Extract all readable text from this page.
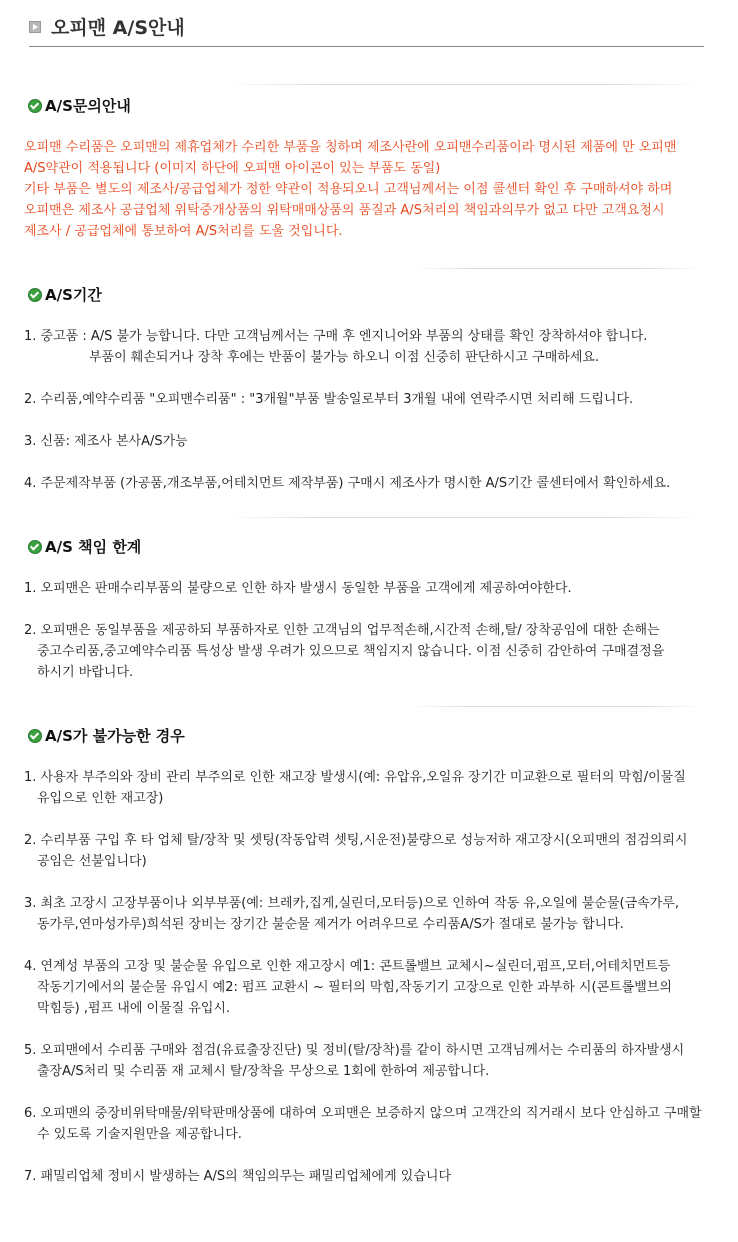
오피맨 A/S안내
A/S문의안내
오피맨 수리품은 오피맨의 제휴업체가 수리한 부품을 칭하며 제조사란에 오피맨수리품이라 명시된 제품에 만 오피맨
A/S약관이 적용됩니다 (이미지 하단에 오피맨 아이콘이 있는 부품도 동일)
기타 부품은 별도의 제조사/공급업체가 정한 약관이 적용되오니 고객님께서는 이점 콜센터 확인 후 구매하셔야 하며
오피맨은 제조사 공급업체 위탁중개상품의 위탁매매상품의 품질과 A/S처리의 책임과의무가 없고 다만 고객요청시
제조사 / 공급업체에 통보하여 A/S처리를 도울 것입니다.
A/S기간
1. 중고품 : A/S 불가 능합니다. 다만 고객님께서는 구매 후 엔지니어와 부품의 상태를 확인 장착하셔야 합니다.
부품이 훼손되거나 장착 후에는 반품이 불가능 하오니 이점 신중히 판단하시고 구매하세요.
2. 수리품,예약수리품 "오피맨수리품" : "3개월"부품 발송일로부터 3개월 내에 연락주시면 처리해 드립니다.
3. 신품: 제조사 본사A/S가능
4. 주문제작부품 (가공품,개조부품,어테치먼트 제작부품) 구매시 제조사가 명시한 A/S기간 콜센터에서 확인하세요.
A/S 책임 한계
1. 오피맨은 판매수리부품의 불량으로 인한 하자 발생시 동일한 부품을 고객에게 제공하여야한다.
2. 오피맨은 동일부품을 제공하되 부품하자로 인한 고객님의 업무적손해,시간적 손해,탈/ 장착공임에 대한 손해는
중고수리품,중고예약수리품 특성상 발생 우려가 있으므로 책임지지 않습니다. 이점 신중히 감안하여 구매결정을
하시기 바랍니다.
A/S가 불가능한 경우
1. 사용자 부주의와 장비 관리 부주의로 인한 재고장 발생시(예: 유압유,오일유 장기간 미교환으로 필터의 막힘/이물질
유입으로 인한 재고장)
2. 수리부품 구입 후 타 업체 탈/장착 및 셋팅(작동압력 셋팅,시운전)불량으로 성능저하 재고장시(오피맨의 점검의뢰시
공임은 선불입니다)
3. 최초 고장시 고장부품이나 외부부품(예: 브레카,집게,실린더,모터등)으로 인하여 작동 유,오일에 불순물(금속가루,
동가루,연마성가루)희석된 장비는 장기간 불순물 제거가 어려우므로 수리품A/S가 절대로 불가능 합니다.
4. 연계성 부품의 고장 및 불순물 유입으로 인한 재고장시 예1: 콘트롤밸브 교체시~실린더,펌프,모터,어테치먼트등
작동기기에서의 불순물 유입시 예2: 펌프 교환시 ~ 필터의 막힘,작동기기 고장으로 인한 과부하 시(콘트롤밸브의
막힘등) ,펌프 내에 이물질 유입시.
5. 오피맨에서 수리품 구매와 점검(유료출장진단) 및 정비(탈/장착)를 같이 하시면 고객님께서는 수리품의 하자발생시
출장A/S처리 및 수리품 재 교체시 탈/장착을 무상으로 1회에 한하여 제공합니다.
6. 오피맨의 중장비위탁매물/위탁판매상품에 대하여 오피맨은 보증하지 않으며 고객간의 직거래시 보다 안심하고 구매할
수 있도록 기술지원만을 제공합니다.
7. 패밀리업체 정비시 발생하는 A/S의 책임의무는 패밀리업체에게 있습니다
